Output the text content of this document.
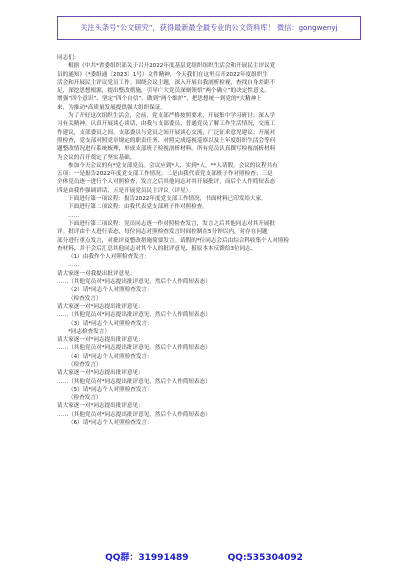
关注头条号“公文研究”，获得最新最全最专业的公文资料库！ 微信：gongwenyj
同志们：
根据《中共*省委组织部关于召开2022年度基层党组织组织生活会和开展民主评议党
员的通知》（*委组通〔2023〕1号）文件精神，今天我们在这里召开2022年度组织生
活会和开展民主评议党员工作。围绕会议主题，深入开展自我剖析检视，查找自身差距不
足，深挖思想根源，提出整改措施，引导广大党员深刻领悟“两个确立”的决定性意义、
增强“四个意识”、坚定“四个自信”、做到“两个维护”，把思想统一到党的*大精神上
来，为推动*高质量发展提供强大组织保证。
为了开好这次组织生活会，会前，党支部严格按照要求，开展集中学习研讨；深入学
习有关精神，认真开展谈心谈话，由我与支部委员、普通党员了解工作生活情况，交流工
作建议，支部委员之间、支部委员与党员之间开展谈心交流，广泛征求意见建议；开展对
照检查，党支部对照党章规定的职责任务、对照完成巡视巡察以及上年度组织生活会等问
题整改情况进行系统梳理，形成支部班子检视剖析材料。所有党员认真撰写检视剖析材料
为会议的召开奠定了坚实基础。
参加今天会议的有*党支部党员。会议应到*人，实到*人，**人请假。会议的议程共有
五项：一是报告2022年度党支部工作情况；二是由我代表党支部班子作对照检查；三是
全体党员逐一进行个人对照检查，发言之后其他同志对其开展批评，而后个人作简短表态
四是由我作强调讲话，五是开展党员民主评议（评星）。
下面进行第一项议程：报告2022年度党支部工作情况，书面材料已印发给大家。
下面进行第二项议程：由我代表党支部班子作对照检查。
……
下面进行第三项议程：党员同志逐一作对照检查发言，发言之后其他同志对其开展批
评。批评由个人进行表态，每位同志对照检查发言时间控制在5分钟以内，对存在问题
部分进行重点发言，对批评及整改措施简要发言。请假的*位同志会后由综合科收集个人对照检
查材料，并于会后汇总其他同志对其个人的批评意见，报原本本反馈给3位同志。
（1）由我作个人对照检查发言：
……
请大家逐一对我提出批评意见：
……（其他党员对*同志提出批评意见，然后个人作简短表态）
（2）请*同志个人对照检查发言：
（检查发言）
请大家逐一对*同志提出批评意见：
……（其他党员对*同志提出批评意见，然后个人作简短表态）
（3）请*同志个人对照检查发言：
*同志检查发言）
请大家逐一对*同志提出批评意见：
……（其他党员对*同志提出批评意见，然后个人作简短表态）
（4）请*同志个人对照检查发言：
（检查发言）
请大家逐一对*同志提出批评意见：
……（其他党员对*同志提出批评意见，然后个人作简短表态）
（5）请*同志个人对照检查发言：
（检查发言）
请大家逐一对*同志提出批评意见：
……（其他党员对*同志提出批评意见，然后个人作简短表态）
（6）请*同志个人对照检查发言：
QQ群：31991489	QQ:535304092
